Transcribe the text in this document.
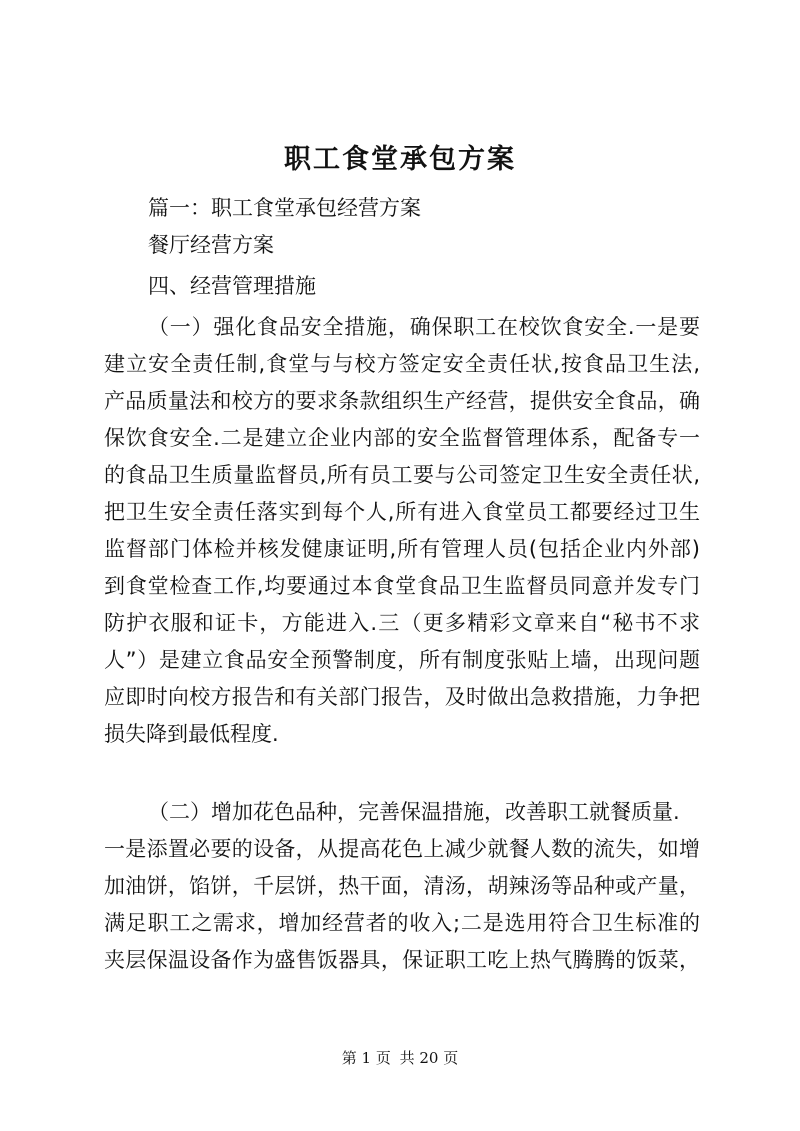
职工食堂承包方案
篇一：职工食堂承包经营方案
餐厅经营方案
四、经营管理措施
（一）强化食品安全措施，确保职工在校饮食安全.一是要
建立安全责任制,食堂与与校方签定安全责任状,按食品卫生法,
产品质量法和校方的要求条款组织生产经营，提供安全食品，确
保饮食安全.二是建立企业内部的安全监督管理体系，配备专一
的食品卫生质量监督员,所有员工要与公司签定卫生安全责任状,
把卫生安全责任落实到每个人,所有进入食堂员工都要经过卫生
监督部门体检并核发健康证明,所有管理人员(包括企业内外部)
到食堂检查工作,均要通过本食堂食品卫生监督员同意并发专门
防护衣服和证卡，方能进入.三（更多精彩文章来自“秘书不求
人”）是建立食品安全预警制度，所有制度张贴上墙，出现问题
应即时向校方报告和有关部门报告，及时做出急救措施，力争把
损失降到最低程度.
（二）增加花色品种，完善保温措施，改善职工就餐质量.
一是添置必要的设备，从提高花色上减少就餐人数的流失，如增
加油饼，馅饼，千层饼，热干面，清汤，胡辣汤等品种或产量，
满足职工之需求，增加经营者的收入;二是选用符合卫生标准的
夹层保温设备作为盛售饭器具，保证职工吃上热气腾腾的饭菜，
第 1 页 共 20 页
